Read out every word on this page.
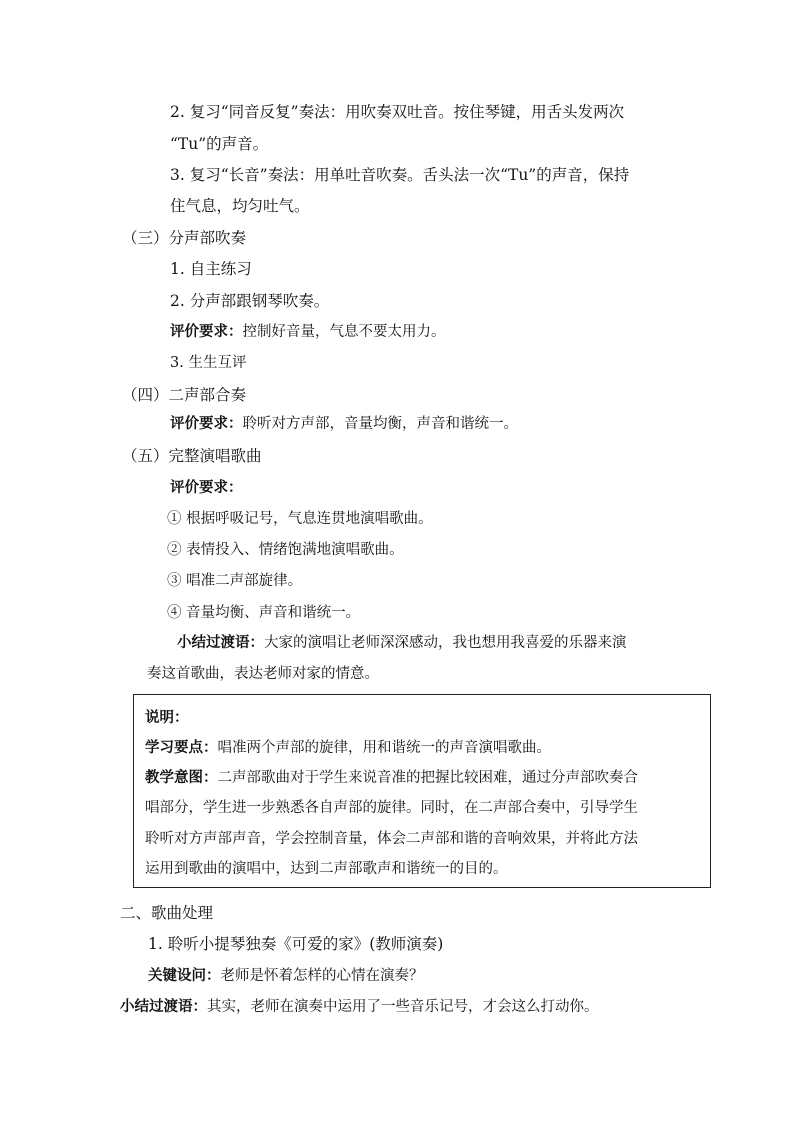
2. 复习“同音反复”奏法：用吹奏双吐音。按住琴键，用舌头发两次
“Tu”的声音。
3. 复习“长音”奏法：用单吐音吹奏。舌头法一次“Tu”的声音，保持
住气息，均匀吐气。
（三）分声部吹奏
1. 自主练习
2. 分声部跟钢琴吹奏。
评价要求：控制好音量，气息不要太用力。
3. 生生互评
（四）二声部合奏
评价要求：聆听对方声部，音量均衡，声音和谐统一。
（五）完整演唱歌曲
评价要求：
① 根据呼吸记号，气息连贯地演唱歌曲。
② 表情投入、情绪饱满地演唱歌曲。
③ 唱准二声部旋律。
④ 音量均衡、声音和谐统一。
小结过渡语：大家的演唱让老师深深感动，我也想用我喜爱的乐器来演
奏这首歌曲，表达老师对家的情意。
说明：
学习要点：唱准两个声部的旋律，用和谐统一的声音演唱歌曲。
教学意图：二声部歌曲对于学生来说音准的把握比较困难，通过分声部吹奏合
唱部分，学生进一步熟悉各自声部的旋律。同时，在二声部合奏中，引导学生
聆听对方声部声音，学会控制音量，体会二声部和谐的音响效果，并将此方法
运用到歌曲的演唱中，达到二声部歌声和谐统一的目的。
二、歌曲处理
1. 聆听小提琴独奏《可爱的家》(教师演奏)
关键设问：老师是怀着怎样的心情在演奏？
小结过渡语：其实，老师在演奏中运用了一些音乐记号，才会这么打动你。
